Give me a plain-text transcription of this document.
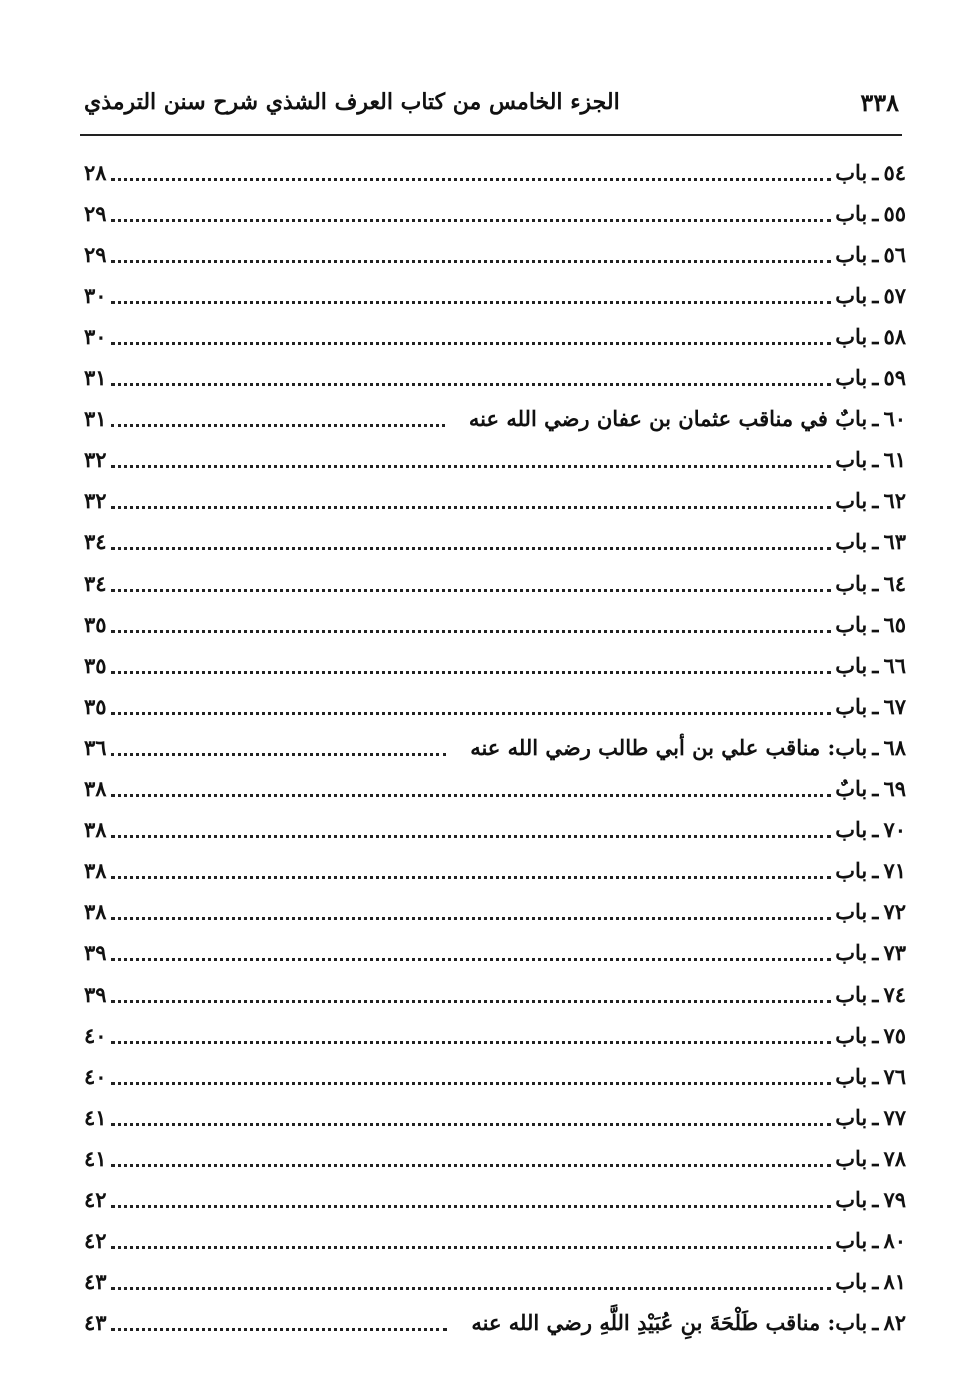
٣٣٨
الجزء الخامس من كتاب العرف الشذي شرح سنن الترمذي
٥٤
ـ
باب
٢٨
٥٥
ـ
باب
٢٩
٥٦
ـ
باب
٢٩
٥٧
ـ
باب
٣٠
٥٨
ـ
باب
٣٠
٥٩
ـ
باب
٣١
٦٠
ـ
بابٌ في مناقب عثمان بن عفان رضي الله عنه
٣١
٦١
ـ
باب
٣٢
٦٢
ـ
باب
٣٢
٦٣
ـ
باب
٣٤
٦٤
ـ
باب
٣٤
٦٥
ـ
باب
٣٥
٦٦
ـ
باب
٣٥
٦٧
ـ
باب
٣٥
٦٨
ـ
باب: مناقب علي بن أبي طالب رضي الله عنه
٣٦
٦٩
ـ
بابٌ
٣٨
٧٠
ـ
باب
٣٨
٧١
ـ
باب
٣٨
٧٢
ـ
باب
٣٨
٧٣
ـ
باب
٣٩
٧٤
ـ
باب
٣٩
٧٥
ـ
باب
٤٠
٧٦
ـ
باب
٤٠
٧٧
ـ
باب
٤١
٧٨
ـ
باب
٤١
٧٩
ـ
باب
٤٢
٨٠
ـ
باب
٤٢
٨١
ـ
باب
٤٣
٨٢
ـ
باب: مناقب طَلْحَةَ بنِ عُبَيْدِ اللَّهِ رضي الله عنه
٤٣
